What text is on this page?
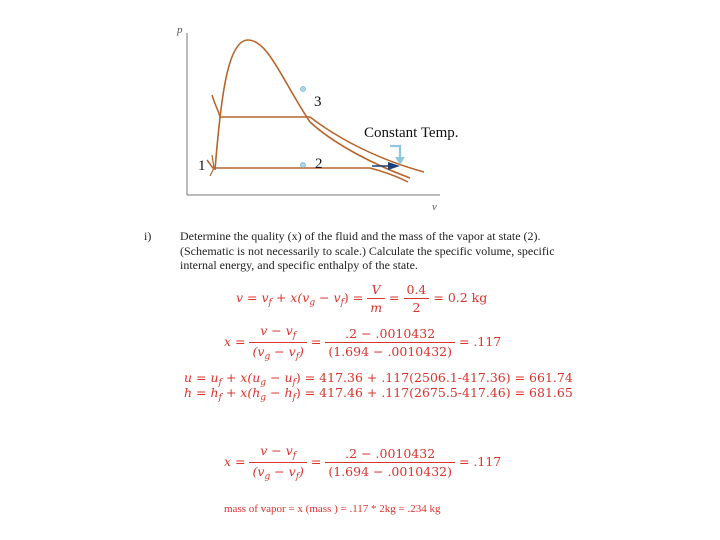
p
v
3
2
1
Constant Temp.
i) Determine the quality (x) of the fluid and the mass of the vapor at state (2).
(Schematic is not necessarily to scale.) Calculate the specific volume, specific
internal energy, and specific enthalpy of the state.
$v = v_f + x(v_g - v_f) = \frac{V}{m} = \frac{0.4}{2} = 0.2$ kg
$x = \frac{v - v_f}{(v_g - v_f)} = \frac{.2 - .0010432}{(1.694 - .0010432)} = .117$
$u = u_f + x(u_g - u_f) = 417.36 + .117(2506.1-417.36) = 661.74$
$h = h_f + x(h_g - h_f) = 417.46 + .117(2675.5-417.46) = 681.65$
$x = \frac{v - v_f}{(v_g - v_f)} = \frac{.2 - .0010432}{(1.694 - .0010432)} = .117$
mass of vapor = x (mass ) = .117 * 2kg = .234 kg
